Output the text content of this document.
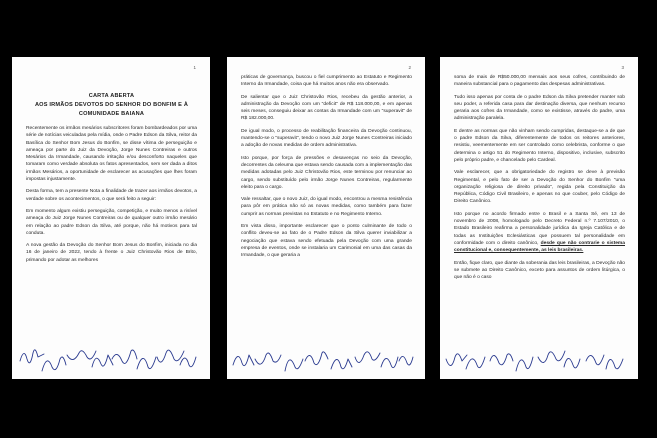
1
CARTA ABERTA
AOS IRMÃOS DEVOTOS DO SENHOR DO BONFIM E À
COMUNIDADE BAIANA

Recentemente os irmãos mesários subscritores foram bombardeados por uma série de notícias veiculadas pela mídia, onde o Padre Edson da Silva, reitor da Basílica do Senhor Bom Jesus do Bonfim, se disse vítima de perseguição e ameaça por parte do Juiz da Devoção, Jorge Nunes Contreiras e outros Mesários da Irmandade, causando irritação e/ou desconforto naqueles que tomaram como verdade absoluta os fatos apresentados, sem ser dada a ditos irmãos Mesários, a oportunidade de esclarecer as acusações que lhes foram impostas injustamente.

Desta forma, tem a presente Nota a finalidade de trazer aos irmãos devotos, a verdade sobre os acontecimentos, o que será feito a seguir:

Em momento algum existiu perseguição, competição, e muito menos a risível ameaça do Juiz Jorge Nunes Contreiras ou de qualquer outro irmão mesário em relação ao padre Edson da Silva, até porque, não há motivos para tal conduta.

A nova gestão da Devoção do Senhor Bom Jesus do Bonfim, iniciada no dia 16 de janeiro de 2022, tendo à frente o Juiz Christovão Rios de Brito, primando por adotar as melhores

2

práticas de governança, buscou o fiel cumprimento ao Estatuto e Regimento Interno da Irmandade, coisa que há muitos anos não era observado.

De salientar que o Juiz Christovão Rios, recebeu da gestão anterior, a administração da Devoção com um "deficit" de R$ 118.000,00, e em apenas seis meses, conseguiu deixar as contas da Irmandade com um "superavit" de R$ 182.000,00.

De igual modo, o processo de reabilitação financeira da Devoção continuou, mantendo-se o "superavit", tendo o novo Juiz Jorge Nunes Contreiras iniciado a adoção de novas medidas de ordem administrativa.

Isto porque, por força de pressões e desavenças no seio da Devoção, decorrentes da celeuma que estava sendo causada com a implementação das medidas adotadas pelo Juiz Christovão Rios, este terminou por renunciar ao cargo, sendo substituído pelo irmão Jorge Nunes Contreiras, regularmente eleito para o cargo.

Vale ressaltar, que o novo Juiz, do igual modo, encontrou a mesma resistência para pôr em prática não só as novas medidas, como também para fazer cumprir as normas previstas no Estatuto e no Regimento Interno.

Em vista disso, importante esclarecer que o ponto culminante de todo o conflito deveu-se ao fato de o Padre Edson da Silva querer inviabilizar a negociação que estava sendo efetuada pela Devoção com uma grande empresa de eventos, onde se instalaria um Carimonial em uma das casas da Irmandade, o que geraria a

3

soma de mais de R$50.000,00 mensais aos seus cofres, contribuindo de maneira substancial para o pagamento das despesas administrativas.

Tudo isso apenas por conta de o padre Edson da Silva pretender manter sob seu poder, a referida casa para dar destinação diversa, que nenhum recurso geraria aos cofres da Irmandade, como se existisse, através do padre, uma administração paralela.

E dentre as normas que não vinham sendo cumpridas, destaque-se a de que o padre Edson da Silva, diferentemente de todos os reitores anteriores, resistiu, veementemente em ser controlado como celebrista, conforme o que determina o artigo 51 do Regimento Interno, dispositivo, inclusive, subscrito pelo próprio padre, e chancelado pelo Cardeal.

Vale esclarecer, que a obrigatoriedade do registro se deve à previsão Regimental, e pelo fato de ser a Devoção do Senhor do Bonfim "uma organização religiosa de direito privado", regida pela Constituição da República, Código Civil Brasileiro, e apenas no que couber, pelo Código de Direito Canônico.

Isto porque no acordo firmado entre o Brasil e a Santa Sé, em 13 de novembro de 2008, homologado pelo Decreto Federal n.º 7.107/2010, o Estado Brasileiro reafirma a personalidade jurídica da Igreja Católica e de todas as Instituições Eclesiásticas que possuem tal personalidade em conformidade com o direito canônico, desde que não contrarie o sistema constitucional e, consequentemente, as leis brasileiras.

Então, fique claro, que diante da soberania das leis brasileiras, a Devoção não se submete ao Direito Canônico, exceto para assuntos de ordem litúrgica, o que não é o caso
